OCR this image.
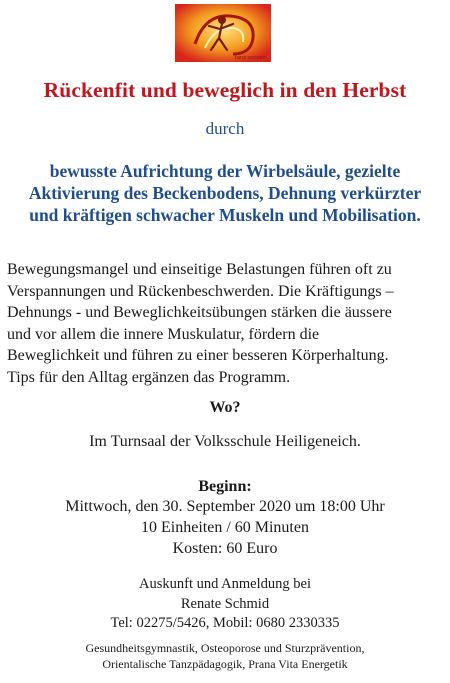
tanz sonnen
Rückenfit und beweglich in den Herbst
durch
bewusste Aufrichtung der Wirbelsäule, gezielte
Aktivierung des Beckenbodens, Dehnung verkürzter
und kräftigen schwacher Muskeln und Mobilisation.
Bewegungsmangel und einseitige Belastungen führen oft zu
Verspannungen und Rückenbeschwerden. Die Kräftigungs –
Dehnungs - und Beweglichkeitsübungen stärken die äussere
und vor allem die innere Muskulatur, fördern die
Beweglichkeit und führen zu einer besseren Körperhaltung.
Tips für den Alltag ergänzen das Programm.
Wo?
Im Turnsaal der Volksschule Heiligeneich.
Beginn:
Mittwoch, den 30. September 2020 um 18:00 Uhr
10 Einheiten / 60 Minuten
Kosten: 60 Euro
Auskunft und Anmeldung bei
Renate Schmid
Tel: 02275/5426, Mobil: 0680 2330335
Gesundheitsgymnastik, Osteoporose und Sturzprävention,
Orientalische Tanzpädagogik, Prana Vita Energetik
